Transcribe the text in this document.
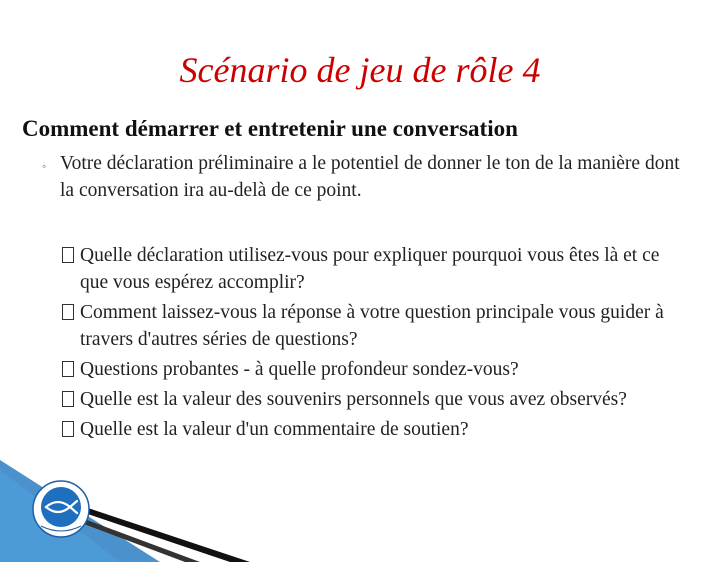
Scénario de jeu de rôle 4
Comment démarrer et entretenir une conversation
◦ Votre déclaration préliminaire a le potentiel de donner le ton de la manière dont la conversation ira au-delà de ce point.
Quelle déclaration utilisez-vous pour expliquer pourquoi vous êtes là et ce que vous espérez accomplir?
Comment laissez-vous la réponse à votre question principale vous guider à travers d'autres séries de questions?
Questions probantes - à quelle profondeur sondez-vous?
Quelle est la valeur des souvenirs personnels que vous avez observés?
Quelle est la valeur d'un commentaire de soutien?
